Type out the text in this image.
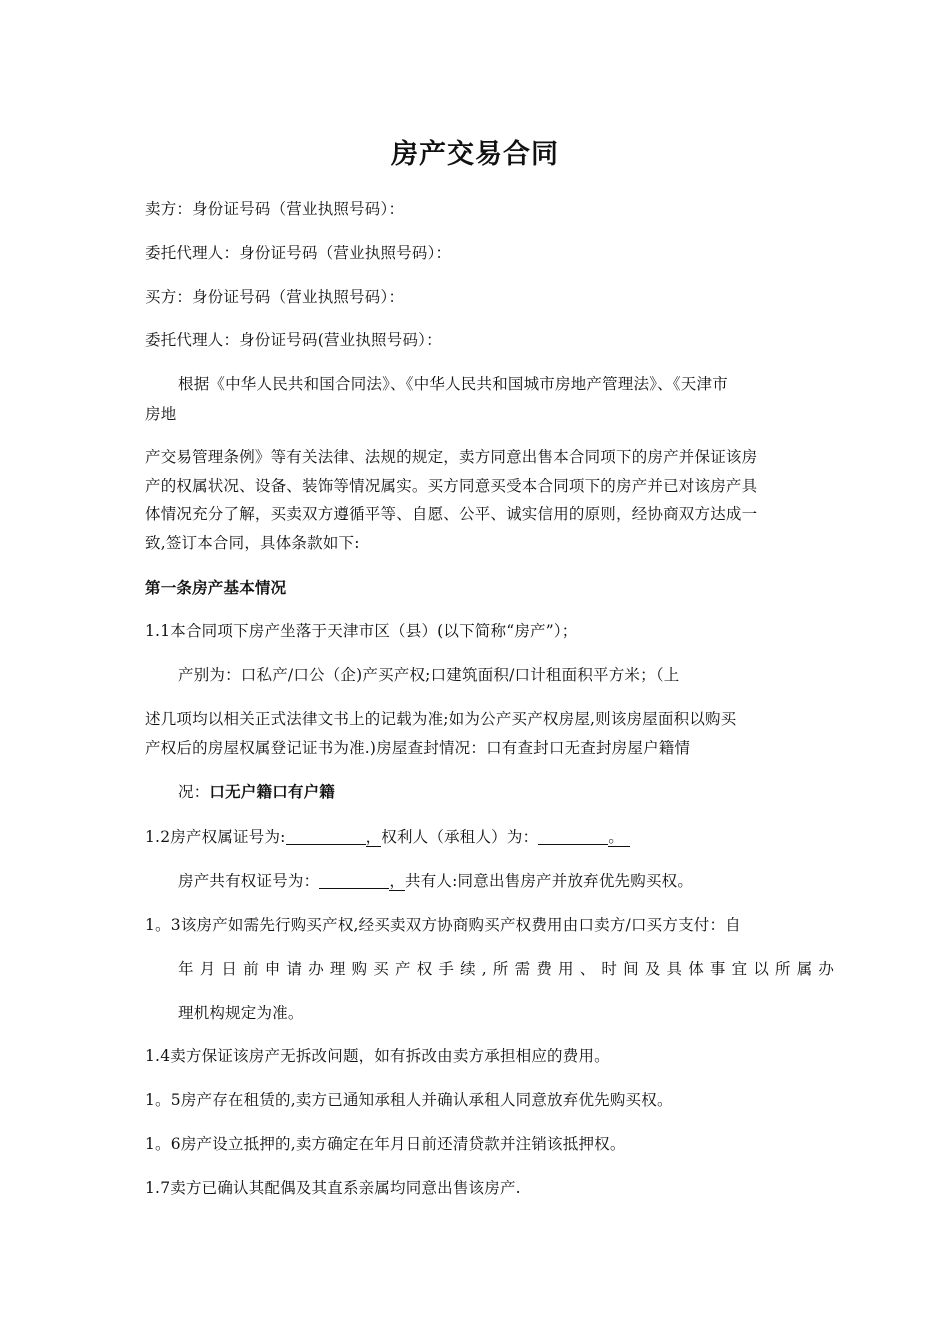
房产交易合同
卖方：身份证号码（营业执照号码）：
委托代理人：身份证号码（营业执照号码）：
买方：身份证号码（营业执照号码）：
委托代理人：身份证号码(营业执照号码）：
根据《中华人民共和国合同法》、《中华人民共和国城市房地产管理法》、《天津市
房地
产交易管理条例》等有关法律、法规的规定，卖方同意出售本合同项下的房产并保证该房
产的权属状况、设备、装饰等情况属实。买方同意买受本合同项下的房产并已对该房产具
体情况充分了解，买卖双方遵循平等、自愿、公平、诚实信用的原则，经协商双方达成一
致,签订本合同，具体条款如下:
第一条房产基本情况
1.1本合同项下房产坐落于天津市区（县）(以下简称“房产”）；
产别为：口私产/口公（企)产买产权;口建筑面积/口计租面积平方米；（上
述几项均以相关正式法律文书上的记载为准;如为公产买产权房屋,则该房屋面积以购买
产权后的房屋权属登记证书为准.)房屋查封情况：口有查封口无查封房屋户籍情
况：口无户籍口有户籍
1.2房产权属证号为:	，权利人（承租人）为：	。
房产共有权证号为：	，共有人:同意出售房产并放弃优先购买权。
1。3该房产如需先行购买产权,经买卖双方协商购买产权费用由口卖方/口买方支付：自
年月日前申请办理购买产权手续,所需费用、时间及具体事宜以所属办
理机构规定为准。
1.4卖方保证该房产无拆改问题，如有拆改由卖方承担相应的费用。
1。5房产存在租赁的,卖方已通知承租人并确认承租人同意放弃优先购买权。
1。6房产设立抵押的,卖方确定在年月日前还清贷款并注销该抵押权。
1.7卖方已确认其配偶及其直系亲属均同意出售该房产.
